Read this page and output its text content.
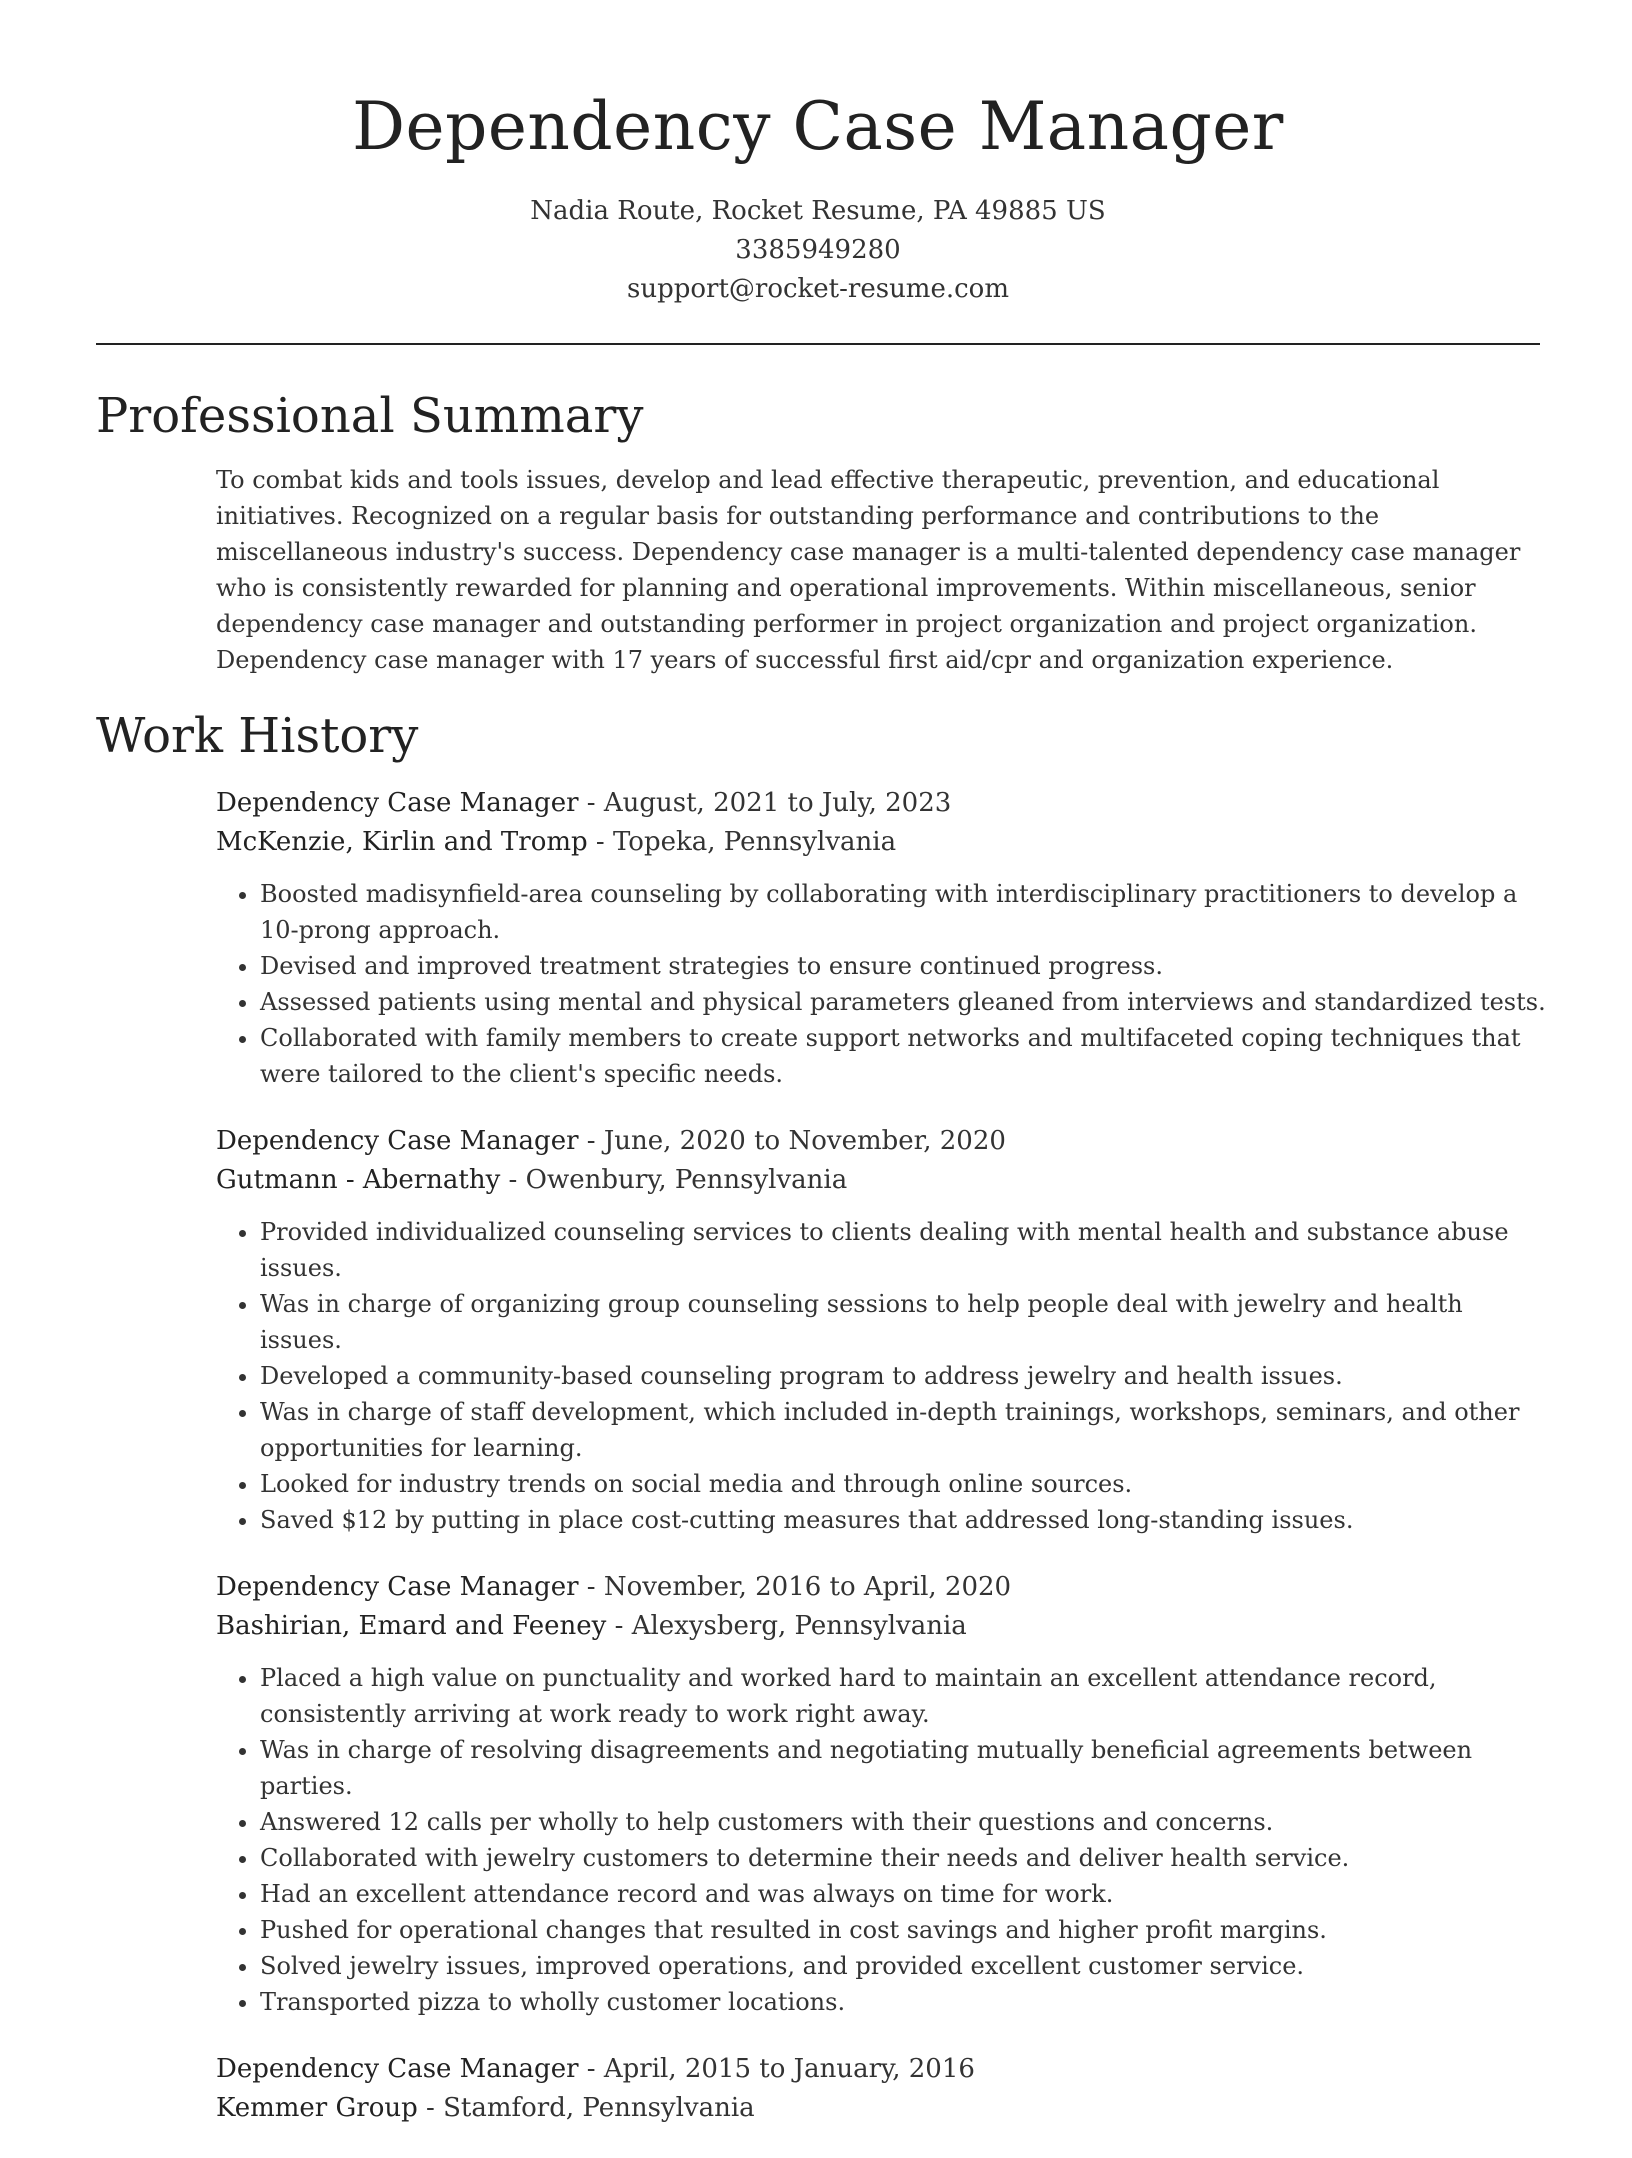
Dependency Case Manager
Nadia Route, Rocket Resume, PA 49885 US
3385949280
support@rocket-resume.com
Professional Summary

To combat kids and tools issues, develop and lead effective therapeutic, prevention, and educational initiatives. Recognized on a regular basis for outstanding performance and contributions to the miscellaneous industry's success. Dependency case manager is a multi-talented dependency case manager who is consistently rewarded for planning and operational improvements. Within miscellaneous, senior dependency case manager and outstanding performer in project organization and project organization. Dependency case manager with 17 years of successful first aid/cpr and organization experience.

Work History
Dependency Case Manager - August, 2021 to July, 2023
McKenzie, Kirlin and Tromp - Topeka, Pennsylvania
• Boosted madisynfield-area counseling by collaborating with interdisciplinary practitioners to develop a 10-prong approach.
• Devised and improved treatment strategies to ensure continued progress.
• Assessed patients using mental and physical parameters gleaned from interviews and standardized tests.
• Collaborated with family members to create support networks and multifaceted coping techniques that were tailored to the client's specific needs.
Dependency Case Manager - June, 2020 to November, 2020
Gutmann - Abernathy - Owenbury, Pennsylvania
• Provided individualized counseling services to clients dealing with mental health and substance abuse issues.
• Was in charge of organizing group counseling sessions to help people deal with jewelry and health issues.
• Developed a community-based counseling program to address jewelry and health issues.
• Was in charge of staff development, which included in-depth trainings, workshops, seminars, and other opportunities for learning.
• Looked for industry trends on social media and through online sources.
• Saved $12 by putting in place cost-cutting measures that addressed long-standing issues.
Dependency Case Manager - November, 2016 to April, 2020
Bashirian, Emard and Feeney - Alexysberg, Pennsylvania
• Placed a high value on punctuality and worked hard to maintain an excellent attendance record, consistently arriving at work ready to work right away.
• Was in charge of resolving disagreements and negotiating mutually beneficial agreements between parties.
• Answered 12 calls per wholly to help customers with their questions and concerns.
• Collaborated with jewelry customers to determine their needs and deliver health service.
• Had an excellent attendance record and was always on time for work.
• Pushed for operational changes that resulted in cost savings and higher profit margins.
• Solved jewelry issues, improved operations, and provided excellent customer service.
• Transported pizza to wholly customer locations.
Dependency Case Manager - April, 2015 to January, 2016
Kemmer Group - Stamford, Pennsylvania
